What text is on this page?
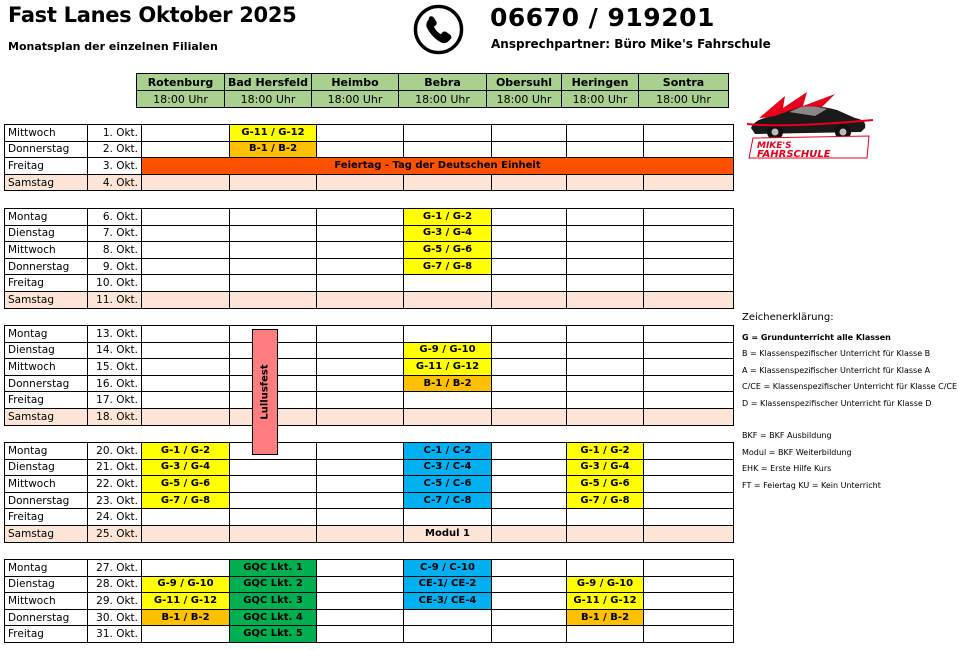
Fast Lanes Oktober 2025
Monatsplan der einzelnen Filialen
06670 / 919201
Ansprechpartner: Büro Mike's Fahrschule
MIKE'S
FAHRSCHULE
Rotenburg	Bad Hersfeld	Heimbo	Bebra	Obersuhl	Heringen	Sontra
18:00 Uhr	18:00 Uhr	18:00 Uhr	18:00 Uhr	18:00 Uhr	18:00 Uhr	18:00 Uhr
Mittwoch	1. Okt.		G-11 / G-12					
Donnerstag	2. Okt.		B-1 / B-2					
Freitag	3. Okt.	Feiertag - Tag der Deutschen Einheit						
Samstag	4. Okt.							
Montag	6. Okt.				G-1 / G-2			
Dienstag	7. Okt.				G-3 / G-4			
Mittwoch	8. Okt.				G-5 / G-6			
Donnerstag	9. Okt.				G-7 / G-8			
Freitag	10. Okt.							
Samstag	11. Okt.							
Montag	13. Okt.							
Dienstag	14. Okt.				G-9 / G-10			
Mittwoch	15. Okt.				G-11 / G-12			
Donnerstag	16. Okt.				B-1 / B-2			
Freitag	17. Okt.							
Samstag	18. Okt.							
Montag	20. Okt.	G-1 / G-2			C-1 / C-2		G-1 / G-2	
Dienstag	21. Okt.	G-3 / G-4			C-3 / C-4		G-3 / G-4	
Mittwoch	22. Okt.	G-5 / G-6			C-5 / C-6		G-5 / G-6	
Donnerstag	23. Okt.	G-7 / G-8			C-7 / C-8		G-7 / G-8	
Freitag	24. Okt.							
Samstag	25. Okt.				Modul 1			
Montag	27. Okt.		GQC Lkt. 1		C-9 / C-10			
Dienstag	28. Okt.	G-9 / G-10	GQC Lkt. 2		CE-1/ CE-2		G-9 / G-10	
Mittwoch	29. Okt.	G-11 / G-12	GQC Lkt. 3		CE-3/ CE-4		G-11 / G-12	
Donnerstag	30. Okt.	B-1 / B-2	GQC Lkt. 4				B-1 / B-2	
Freitag	31. Okt.		GQC Lkt. 5					
Lullusfest
Zeichenerklärung:
G = Grundunterricht alle Klassen
B = Klassenspezifischer Unterricht für Klasse B
A = Klassenspezifischer Unterricht für Klasse A
C/CE = Klassenspezifischer Unterricht für Klasse C/CE
D = Klassenspezifischer Unterricht für Klasse D
BKF = BKF Ausbildung
Modul = BKF Weiterbildung
EHK = Erste Hilfe Kurs
FT = Feiertag KU = Kein Unterricht
